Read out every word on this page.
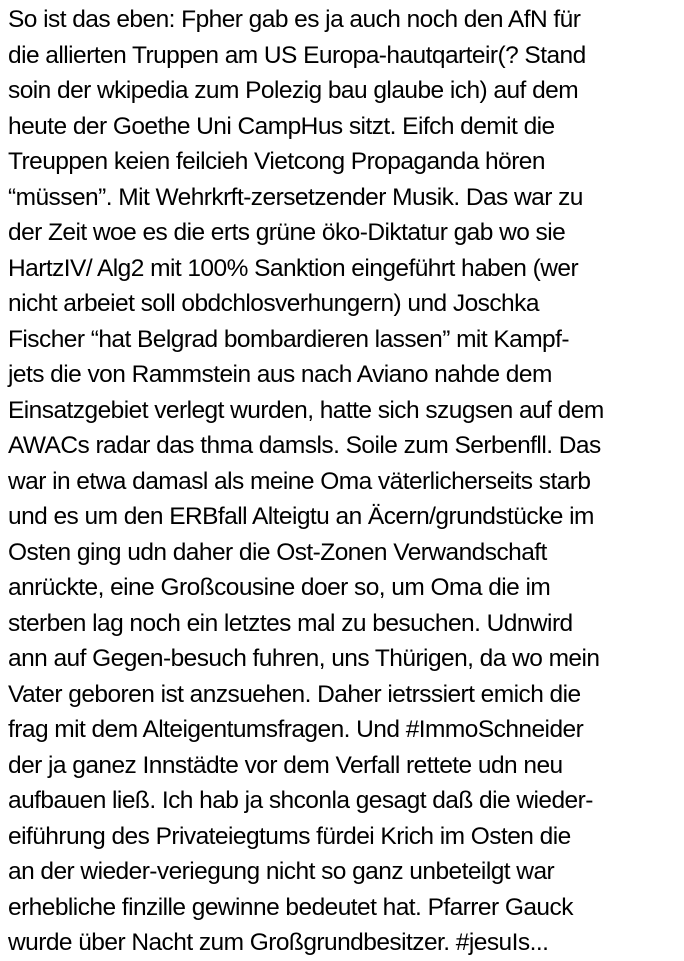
So ist das eben: Fpher gab es ja auch noch den AfN für
die allierten Truppen am US Europa-hautqarteir(? Stand
soin der wkipedia zum Polezig bau glaube ich) auf dem
heute der Goethe Uni CampHus sitzt. Eifch demit die
Treuppen keien feilcieh Vietcong Propaganda hören
“müssen”. Mit Wehrkrft-zersetzender Musik. Das war zu
der Zeit woe es die erts grüne öko-Diktatur gab wo sie
HartzIV/ Alg2 mit 100% Sanktion eingeführt haben (wer
nicht arbeiet soll obdchlosverhungern) und Joschka
Fischer “hat Belgrad bombardieren lassen” mit Kampf-
jets die von Rammstein aus nach Aviano nahde dem
Einsatzgebiet verlegt wurden, hatte sich szugsen auf dem
AWACs radar das thma damsls. Soile zum Serbenfll. Das
war in etwa damasl als meine Oma väterlicherseits starb
und es um den ERBfall Alteigtu an Äcern/grundstücke im
Osten ging udn daher die Ost-Zonen Verwandschaft
anrückte, eine Großcousine doer so, um Oma die im
sterben lag noch ein letztes mal zu besuchen. Udnwird
ann auf Gegen-besuch fuhren, uns Thürigen, da wo mein
Vater geboren ist anzsuehen. Daher ietrssiert emich die
frag mit dem Alteigentumsfragen. Und #ImmoSchneider
der ja ganez Innstädte vor dem Verfall rettete udn neu
aufbauen ließ. Ich hab ja shconla gesagt daß die wieder-
eiführung des Privateiegtums fürdei Krich im Osten die
an der wieder-veriegung nicht so ganz unbeteilgt war
erhebliche finzille gewinne bedeutet hat. Pfarrer Gauck
wurde über Nacht zum Großgrundbesitzer. #jesuIs...
